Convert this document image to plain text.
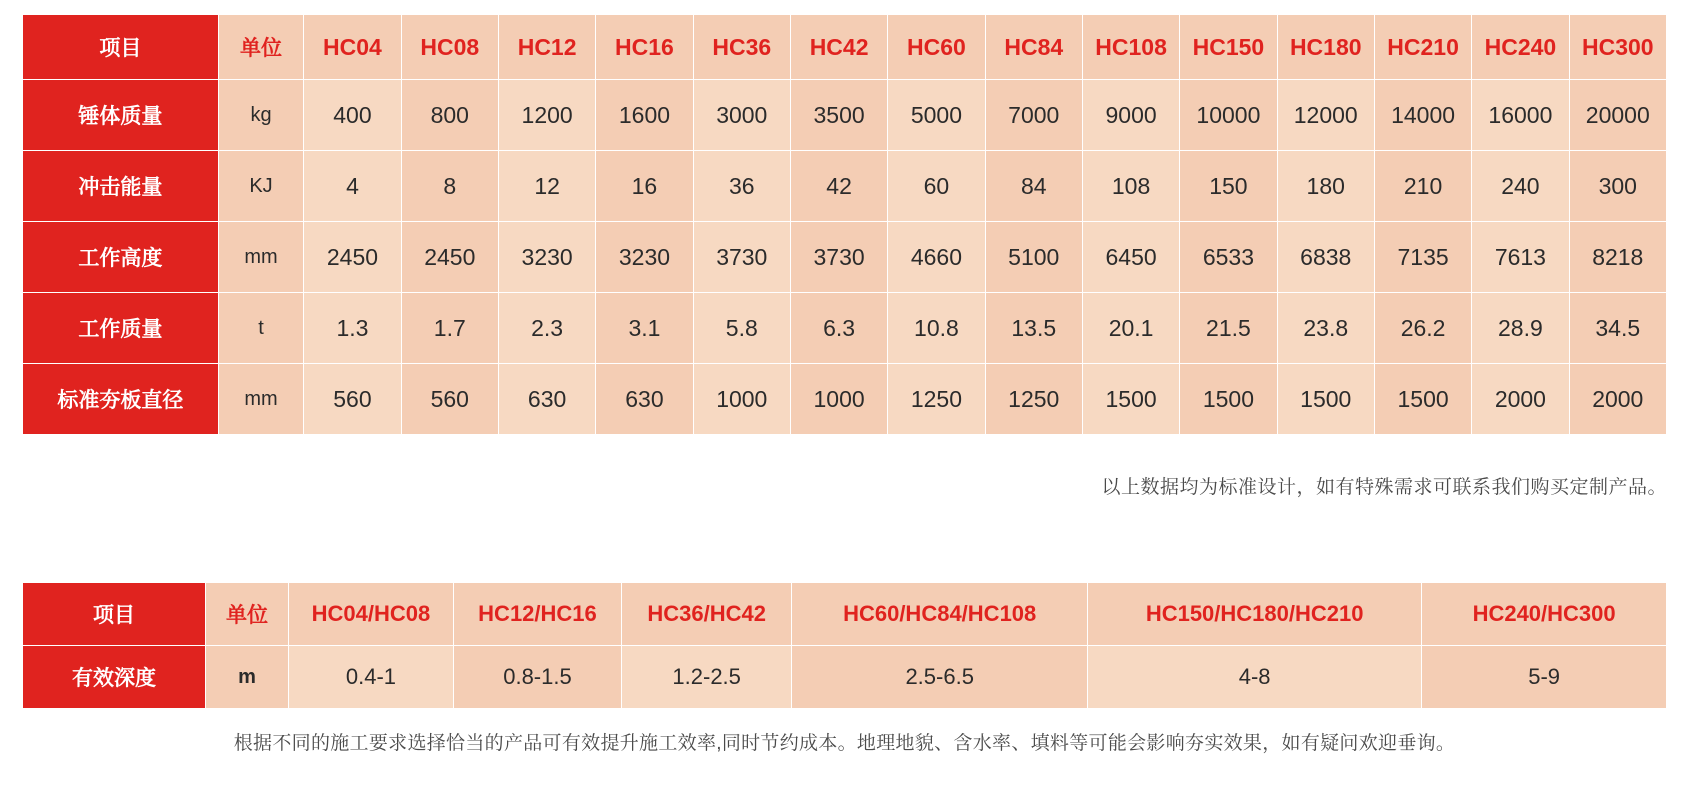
项目	单位	HC04	HC08	HC12	HC16	HC36	HC42	HC60	HC84	HC108	HC150	HC180	HC210	HC240	HC300
锤体质量	kg	400	800	1200	1600	3000	3500	5000	7000	9000	10000	12000	14000	16000	20000
冲击能量	KJ	4	8	12	16	36	42	60	84	108	150	180	210	240	300
工作高度	mm	2450	2450	3230	3230	3730	3730	4660	5100	6450	6533	6838	7135	7613	8218
工作质量	t	1.3	1.7	2.3	3.1	5.8	6.3	10.8	13.5	20.1	21.5	23.8	26.2	28.9	34.5
标准夯板直径	mm	560	560	630	630	1000	1000	1250	1250	1500	1500	1500	1500	2000	2000
以上数据均为标准设计，如有特殊需求可联系我们购买定制产品。
项目	单位	HC04/HC08	HC12/HC16	HC36/HC42	HC60/HC84/HC108	HC150/HC180/HC210	HC240/HC300
有效深度	m	0.4-1	0.8-1.5	1.2-2.5	2.5-6.5	4-8	5-9
根据不同的施工要求选择恰当的产品可有效提升施工效率,同时节约成本。地理地貌、含水率、填料等可能会影响夯实效果，如有疑问欢迎垂询。
